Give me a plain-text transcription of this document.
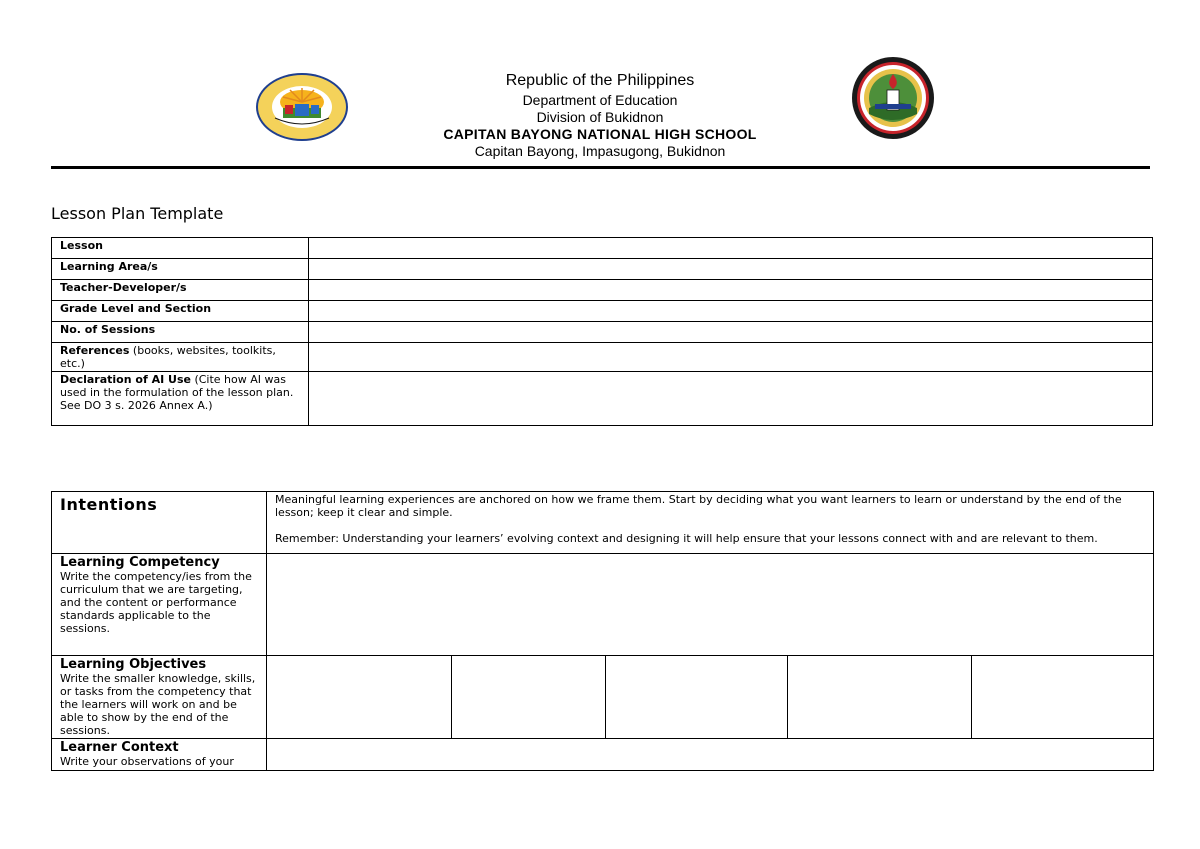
Republic of the Philippines
Department of Education
Division of Bukidnon
CAPITAN BAYONG NATIONAL HIGH SCHOOL
Capitan Bayong, Impasugong, Bukidnon
Lesson Plan Template
Lesson	
Learning Area/s	
Teacher-Developer/s	
Grade Level and Section	
No. of Sessions	
References (books, websites, toolkits, etc.)	
Declaration of AI Use (Cite how AI was used in the formulation of the lesson plan. See DO 3 s. 2026 Annex A.)	
Intentions	Meaningful learning experiences are anchored on how we frame them. Start by deciding what you want learners to learn or understand by the end of the lesson; keep it clear and simple.
Remember: Understanding your learners’ evolving context and designing it will help ensure that your lessons connect with and are relevant to them.				

Learning Competency
Write the competency/ies from the curriculum that we are targeting, and the content or performance standards applicable to the sessions.					

Learning Objectives
Write the smaller knowledge, skills, or tasks from the competency that the learners will work on and be able to show by the end of the sessions.					

Learner Context
Write your observations of your					
